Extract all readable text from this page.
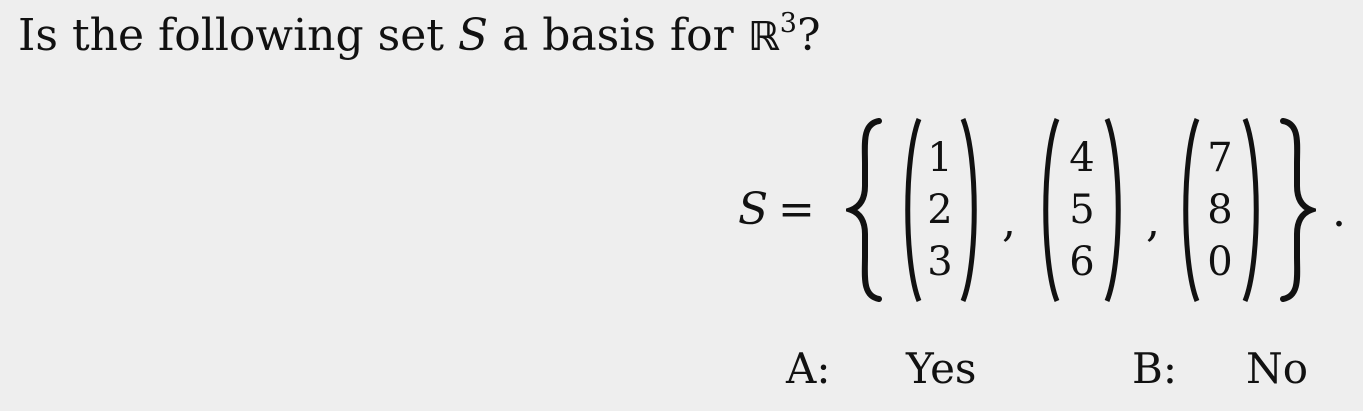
Is the following set S a basis for ℝ$^3$?
S =
1
2
3
,
4
5
6
,
7
8
0
.
A: Yes	B: No
